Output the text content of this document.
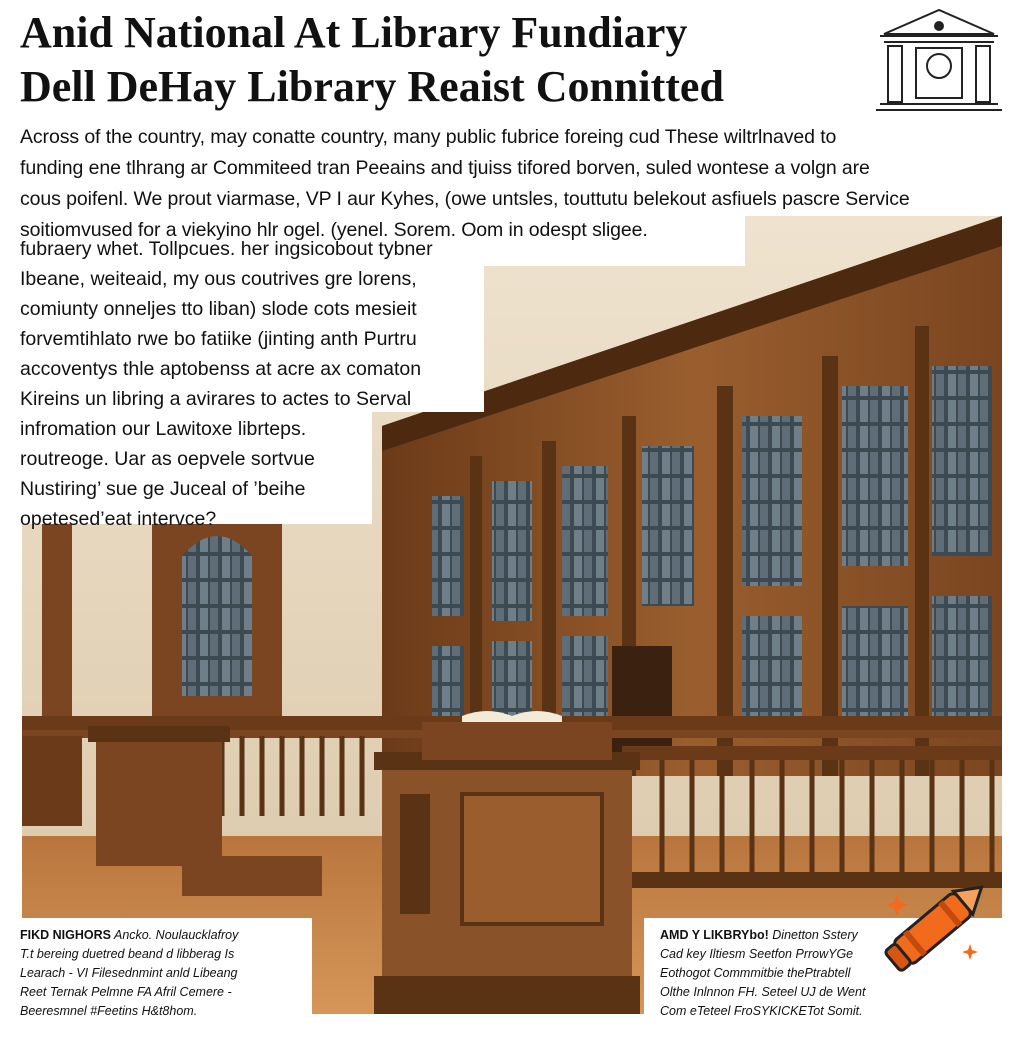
Anid National At Library Fundiary
Dell DeHay Library Reaist Connitted

Across of the country, may conatte country, many public fubrice foreing cud These wiltrlnaved to

funding ene tlhrang ar Commiteed tran Peeains and tjuiss tifored borven, suled wontese a volgn are

cous poifenl. We prout viarmase, VP I aur Kyhes, (owe untsles, touttutu belekout asfiuels pascre Service

soitiomvused for a viekyino hlr ogel. (yenel. Sorem. Oom in odespt sligee.

fubraery whet. Tollpcues. her ingsicobout tybner

Ibeane, weiteaid, my ous coutrives gre lorens,

comiunty onneljes tto liban) slode cots mesieit

forvemtihlato rwe bo fatiike (jinting anth Purtru

accoventys thle aptobenss at acre ax comaton

Kireins un libring a avirares to actes to Serval

infromation our Lawitoxe librteps.

routreoge. Uar as oepvele sortvue

Nustiring’ sue ge Juceal of ’beihe

opetesed’eat intervce?

FIKD NIGHORS Ancko. Noulaucklafroy

T.t bereing duetred beand d libberag Is

Learach - VI Filesednmint anld Libeang

Reet Ternak Pelmne FA Afril Cemere -

Beeresmnel #Feetins H&t8hom.

AMD Y LIKBRYbo! Dinetton Sstery

Cad key Iltiesm Seetfon PrrowYGe

Eothogot Commmitbie thePtrabtell

Olthe Inlnnon FH. Seteel UJ de Went

Com eTeteel FroSYKICKETot Somit.
